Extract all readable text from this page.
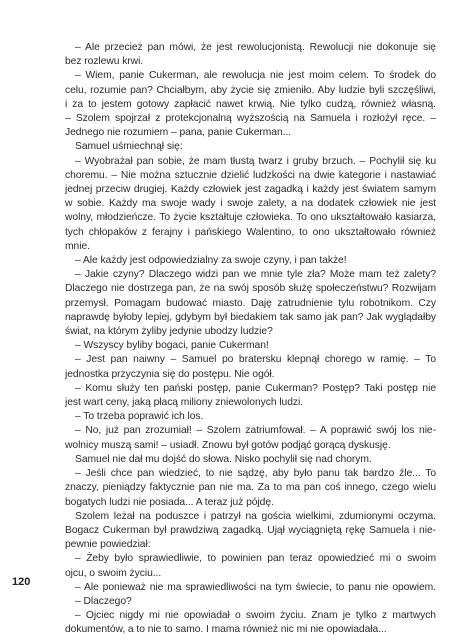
– Ale przecież pan mówi, że jest rewolucjonistą. Rewolucji nie dokonuje się
bez rozlewu krwi.
– Wiem, panie Cukerman, ale rewolucja nie jest moim celem. To środek do
celu, rozumie pan? Chciałbym, aby życie się zmieniło. Aby ludzie byli szczęśliwi,
i za to jestem gotowy zapłacić nawet krwią. Nie tylko cudzą, również własną.
– Szolem spojrzał z protekcjonalną wyższością na Samuela i rozłożył ręce. –
Jednego nie rozumiem – pana, panie Cukerman...
Samuel uśmiechnął się:
– Wyobrażał pan sobie, że mam tłustą twarz i gruby brzuch. – Pochylił się ku
choremu. – Nie można sztucznie dzielić ludzkości na dwie kategorie i nastawiać
jednej przeciw drugiej. Każdy człowiek jest zagadką i każdy jest światem samym
w sobie. Każdy ma swoje wady i swoje zalety, a na dodatek człowiek nie jest
wolny, młodzieńcze. To życie kształtuje człowieka. To ono ukształtowało kasiarza,
tych chłopaków z ferajny i pańskiego Walentino, to ono ukształtowało również
mnie.
– Ale każdy jest odpowiedzialny za swoje czyny, i pan także!
– Jakie czyny? Dlaczego widzi pan we mnie tyle zła? Może mam też zalety?
Dlaczego nie dostrzega pan, że na swój sposób służę społeczeństwu? Rozwijam
przemysł. Pomagam budować miasto. Daję zatrudnienie tylu robotnikom. Czy
naprawdę byłoby lepiej, gdybym był biedakiem tak samo jak pan? Jak wyglądałby
świat, na którym żyliby jedynie ubodzy ludzie?
– Wszyscy byliby bogaci, panie Cukerman!
– Jest pan naiwny – Samuel po bratersku klepnął chorego w ramię. – To
jednostka przyczynia się do postępu. Nie ogół.
– Komu służy ten pański postęp, panie Cukerman? Postęp? Taki postęp nie
jest wart ceny, jaką płacą miliony zniewolonych ludzi.
– To trzeba poprawić ich los.
– No, już pan zrozumiał! – Szolem zatriumfował. – A poprawić swój los nie-
wolnicy muszą sami! – usiadł. Znowu był gotów podjąć gorącą dyskusję.
Samuel nie dał mu dojść do słowa. Nisko pochylił się nad chorym.
– Jeśli chce pan wiedzieć, to nie sądzę, aby było panu tak bardzo źle... To
znaczy, pieniądzy faktycznie pan nie ma. Za to ma pan coś innego, czego wielu
bogatych ludzi nie posiada... A teraz już pójdę.
Szolem leżał na poduszce i patrzył na gościa wielkimi, zdumionymi oczyma.
Bogacz Cukerman był prawdziwą zagadką. Ujął wyciągniętą rękę Samuela i nie-
pewnie powiedział:
– Żeby było sprawiedliwie, to powinien pan teraz opowiedzieć mi o swoim
ojcu, o swoim życiu...
– Ale ponieważ nie ma sprawiedliwości na tym świecie, to panu nie opowiem.
– Dlaczego?
– Ojciec nigdy mi nie opowiadał o swoim życiu. Znam je tylko z martwych
dokumentów, a to nie to samo. I mama również nic mi nie opowiadała...
120
